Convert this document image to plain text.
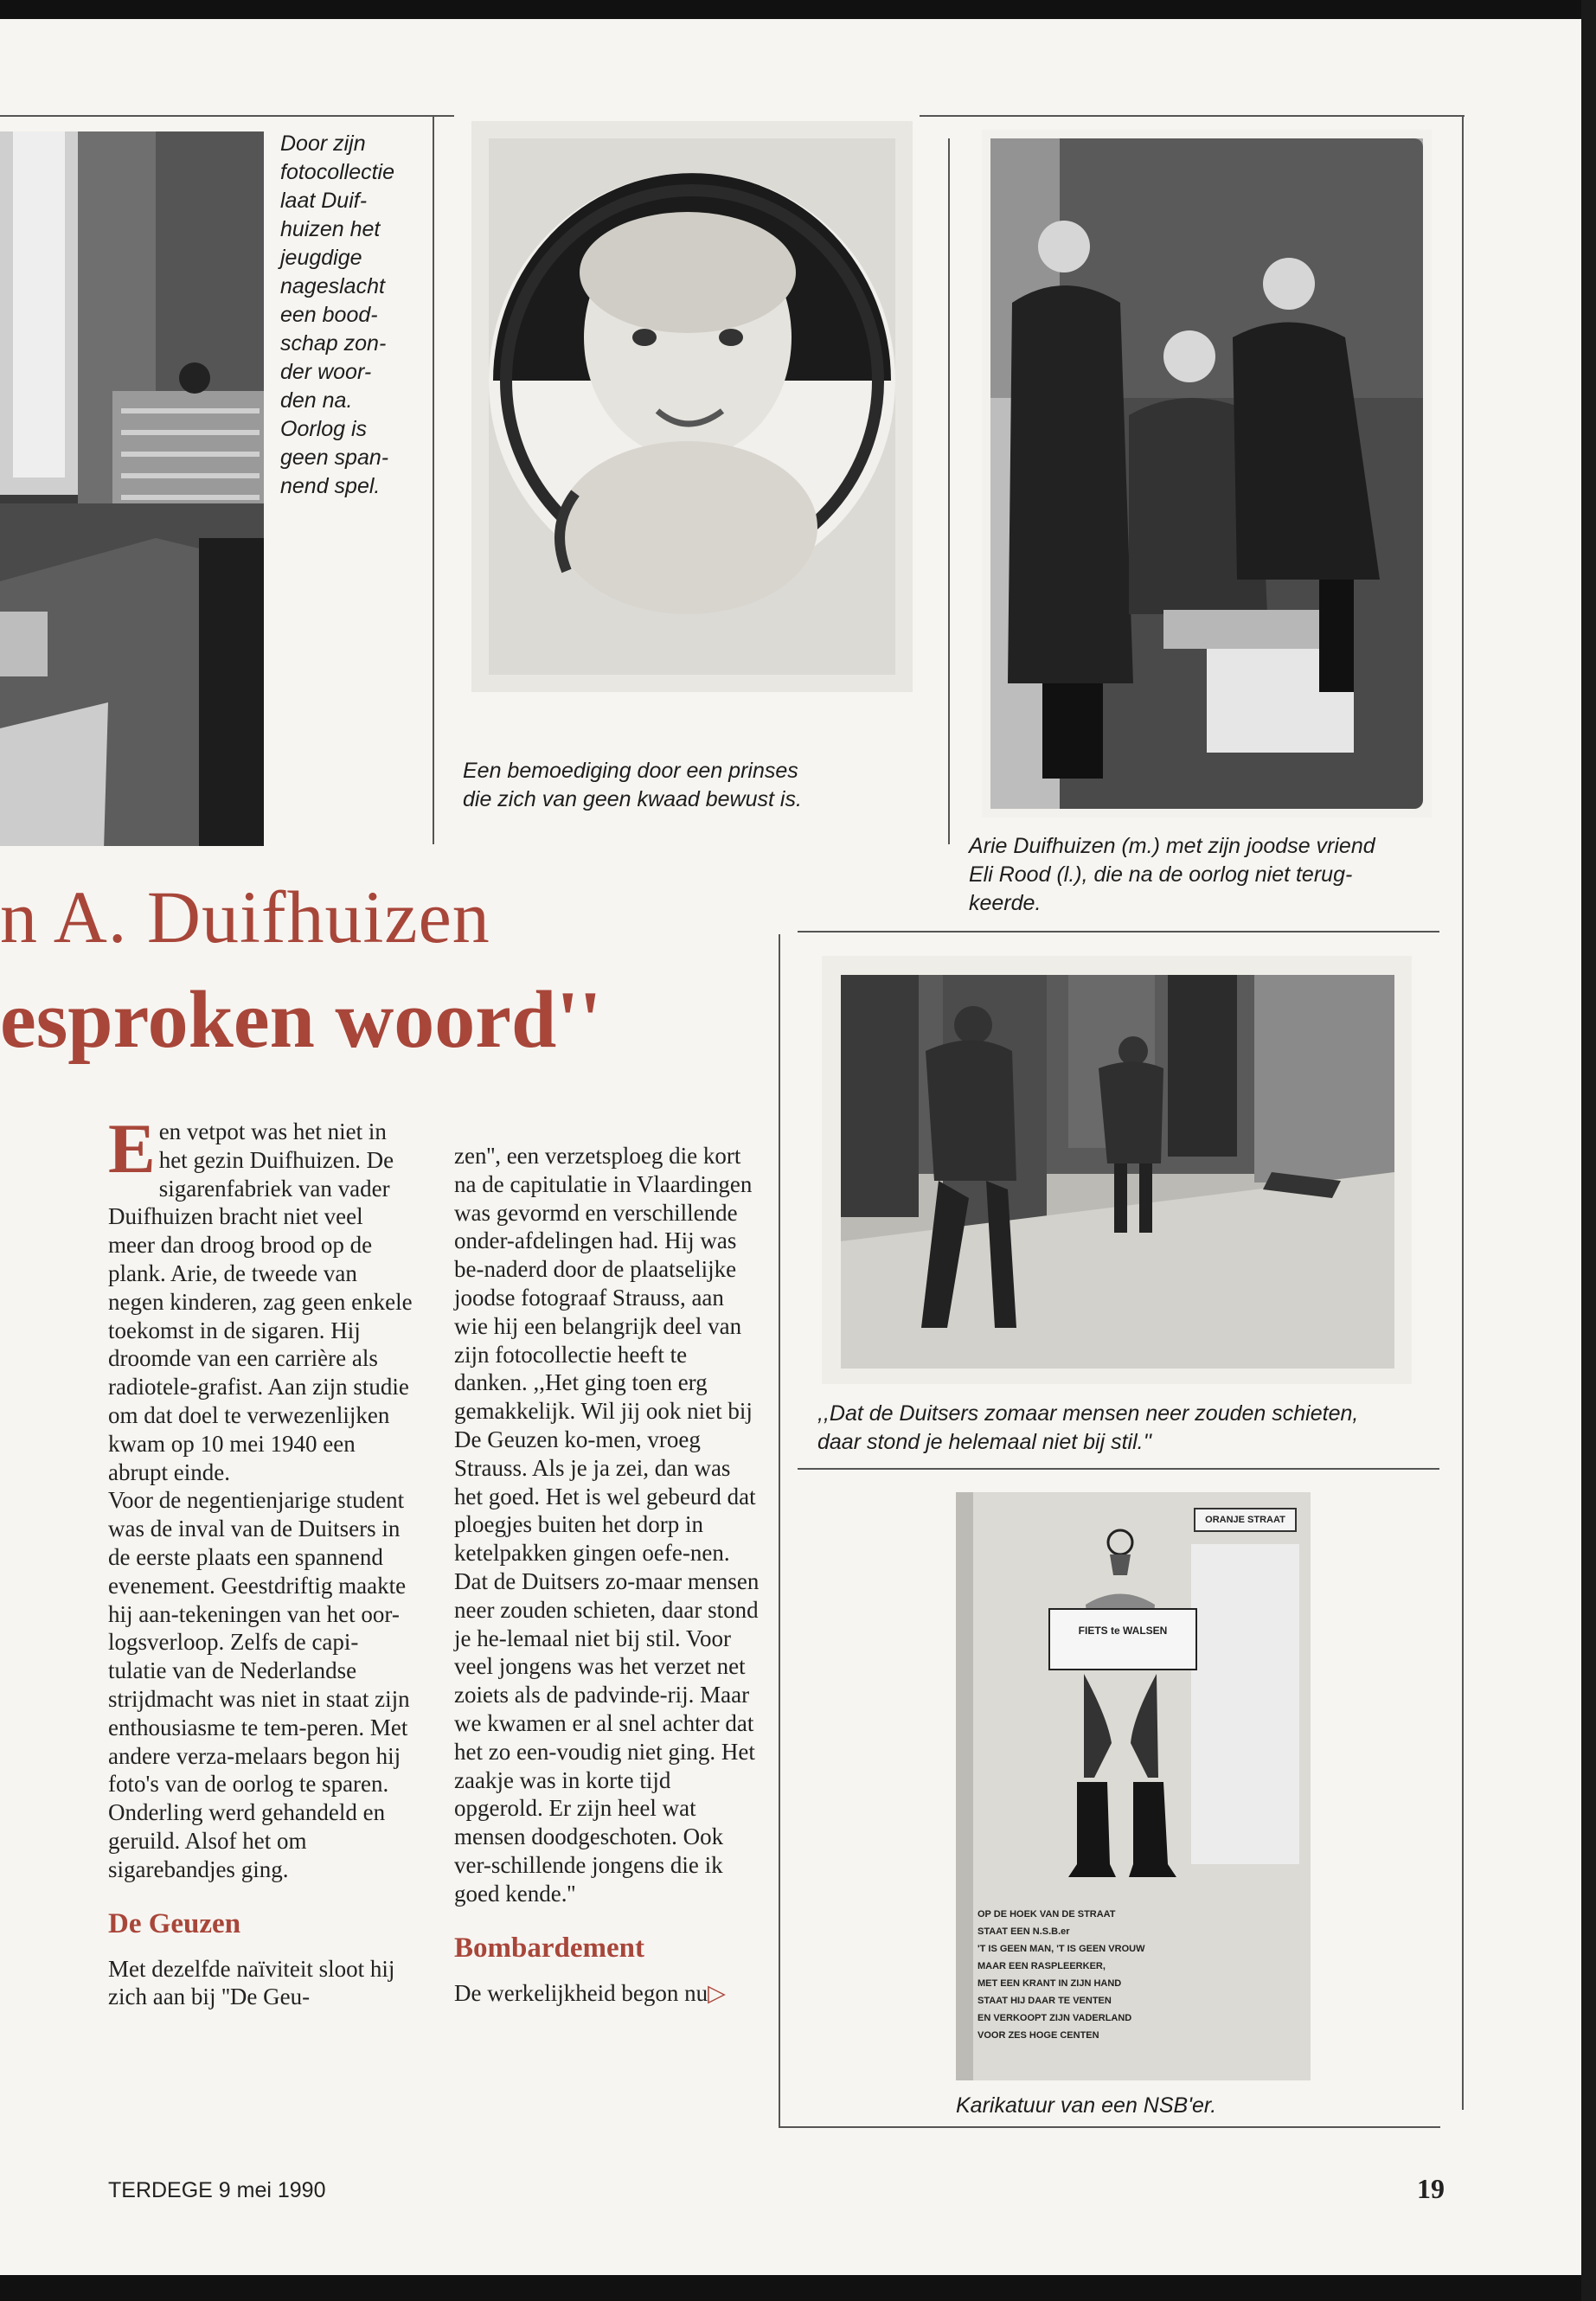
Door zijn
fotocollectie
laat Duif-
huizen het
jeugdige
nageslacht
een bood-
schap zon-
der woor-
den na.
Oorlog is
geen span-
nend spel.
Een bemoediging door een prinses
die zich van geen kwaad bewust is.
Arie Duifhuizen (m.) met zijn joodse vriend
Eli Rood (l.), die na de oorlog niet terug-
keerde.
n A. Duifhuizen
esproken woord''
,,Dat de Duitsers zomaar mensen neer zouden schieten,
daar stond je helemaal niet bij stil.''
ORANJE STRAAT
FIETS te WALSEN
OP DE HOEK VAN DE STRAAT
STAAT EEN N.S.B.er
'T IS GEEN MAN, 'T IS GEEN VROUW
MAAR EEN RASPLEERKER,
MET EEN KRANT IN ZIJN HAND
STAAT HIJ DAAR TE VENTEN
EN VERKOOPT ZIJN VADERLAND
VOOR ZES HOGE CENTEN
Karikatuur van een NSB'er.

Een vetpot was het niet in het gezin Duifhuizen. De sigarenfabriek van vader Duifhuizen bracht niet veel meer dan droog brood op de plank. Arie, de tweede van negen kinderen, zag geen enkele toekomst in de sigaren. Hij droomde van een carrière als radiotele-grafist. Aan zijn studie om dat doel te verwezenlijken kwam op 10 mei 1940 een abrupt einde.

Voor de negentienjarige student was de inval van de Duitsers in de eerste plaats een spannend evenement. Geestdriftig maakte hij aan-tekeningen van het oor-logsverloop. Zelfs de capi-tulatie van de Nederlandse strijdmacht was niet in staat zijn enthousiasme te tem-peren. Met andere verza-melaars begon hij foto's van de oorlog te sparen. Onderling werd gehandeld en geruild. Alsof het om sigarebandjes ging.

De Geuzen

Met dezelfde naïviteit sloot hij zich aan bij ''De Geu-

zen'', een verzetsploeg die kort na de capitulatie in Vlaardingen was gevormd en verschillende onder-afdelingen had. Hij was be-naderd door de plaatselijke joodse fotograaf Strauss, aan wie hij een belangrijk deel van zijn fotocollectie heeft te danken. ,,Het ging toen erg gemakkelijk. Wil jij ook niet bij De Geuzen ko-men, vroeg Strauss. Als je ja zei, dan was het goed. Het is wel gebeurd dat ploegjes buiten het dorp in ketelpakken gingen oefe-nen. Dat de Duitsers zo-maar mensen neer zouden schieten, daar stond je he-lemaal niet bij stil. Voor veel jongens was het verzet net zoiets als de padvinde-rij. Maar we kwamen er al snel achter dat het zo een-voudig niet ging. Het zaakje was in korte tijd opgerold. Er zijn heel wat mensen doodgeschoten. Ook ver-schillende jongens die ik goed kende.''

Bombardement

De werkelijkheid begon nu▷

TERDEGE 9 mei 1990	19
